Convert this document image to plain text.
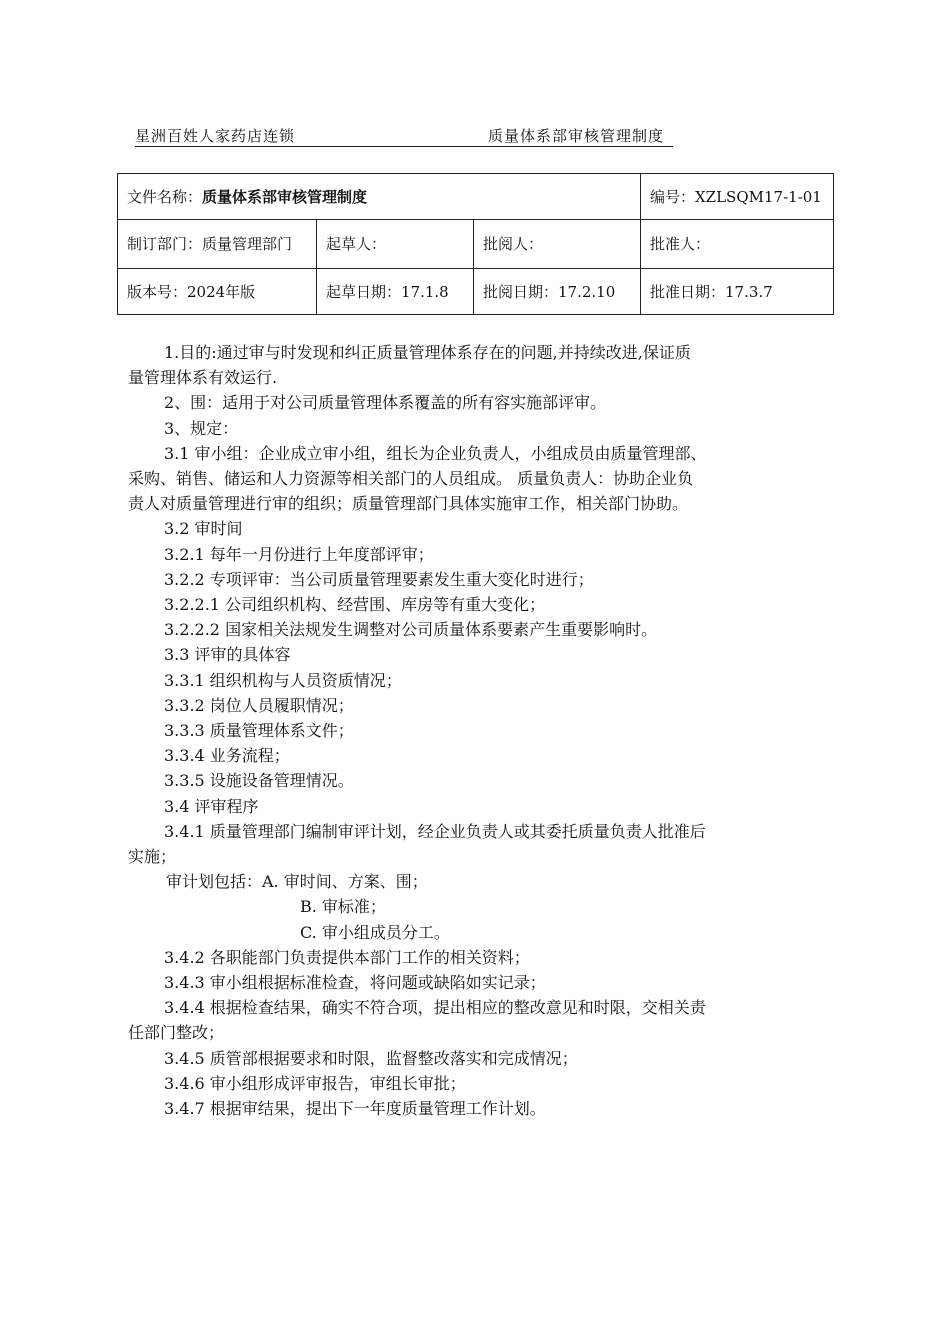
星洲百姓人家药店连锁	质量体系部审核管理制度
文件名称：质量体系部审核管理制度			编号：XZLSQM17-1-01
制订部门：质量管理部门	起草人：	批阅人：	批准人：
版本号：2024年版	起草日期：17.1.8	批阅日期：17.2.10	批准日期：17.3.7

1.目的:通过审与时发现和纠正质量管理体系存在的问题,并持续改进,保证质

量管理体系有效运行.

2、围：适用于对公司质量管理体系覆盖的所有容实施部评审。

3、规定：

3.1 审小组：企业成立审小组，组长为企业负责人，小组成员由质量管理部、

采购、销售、储运和人力资源等相关部门的人员组成。 质量负责人：协助企业负

责人对质量管理进行审的组织；质量管理部门具体实施审工作，相关部门协助。

3.2 审时间

3.2.1 每年一月份进行上年度部评审；

3.2.2 专项评审：当公司质量管理要素发生重大变化时进行；

3.2.2.1 公司组织机构、经营围、库房等有重大变化；

3.2.2.2 国家相关法规发生调整对公司质量体系要素产生重要影响时。

3.3 评审的具体容

3.3.1 组织机构与人员资质情况；

3.3.2 岗位人员履职情况；

3.3.3 质量管理体系文件；

3.3.4 业务流程；

3.3.5 设施设备管理情况。

3.4 评审程序

3.4.1 质量管理部门编制审评计划，经企业负责人或其委托质量负责人批准后

实施；

审计划包括：A. 审时间、方案、围；

B. 审标准；

C. 审小组成员分工。

3.4.2 各职能部门负责提供本部门工作的相关资料；

3.4.3 审小组根据标准检查，将问题或缺陷如实记录；

3.4.4 根据检查结果，确实不符合项，提出相应的整改意见和时限，交相关责

任部门整改；

3.4.5 质管部根据要求和时限，监督整改落实和完成情况；

3.4.6 审小组形成评审报告，审组长审批；

3.4.7 根据审结果，提出下一年度质量管理工作计划。
